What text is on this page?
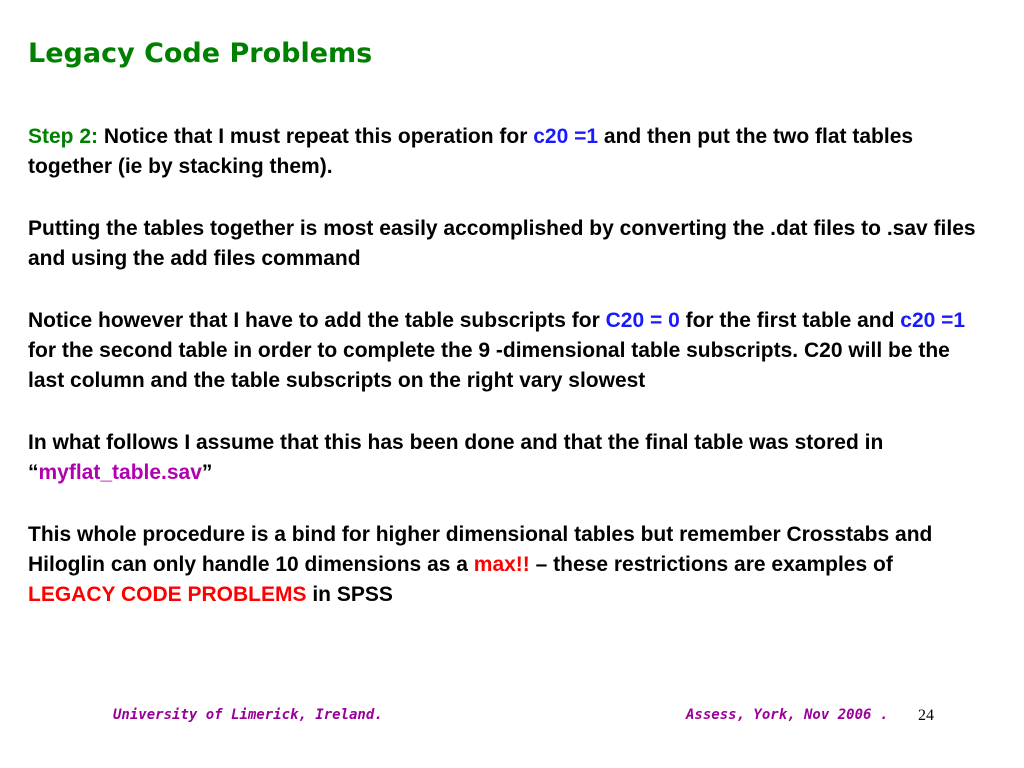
Legacy Code Problems

Step 2: Notice that I must repeat this operation for c20 =1 and then put the two flat tables together (ie by stacking them).

Putting the tables together is most easily accomplished by converting the .dat files to .sav files and using the add files command

Notice however that I have to add the table subscripts for C20 = 0 for the first table and c20 =1 for the second table in order to complete the 9 -dimensional table subscripts. C20 will be the last column and the table subscripts on the right vary slowest

In what follows I assume that this has been done and that the final table was stored in “myflat_table.sav”

This whole procedure is a bind for higher dimensional tables but remember Crosstabs and Hiloglin can only handle 10 dimensions as a max!! – these restrictions are examples of LEGACY CODE PROBLEMS in SPSS

University of Limerick, Ireland.	Assess, York, Nov 2006 . 24
